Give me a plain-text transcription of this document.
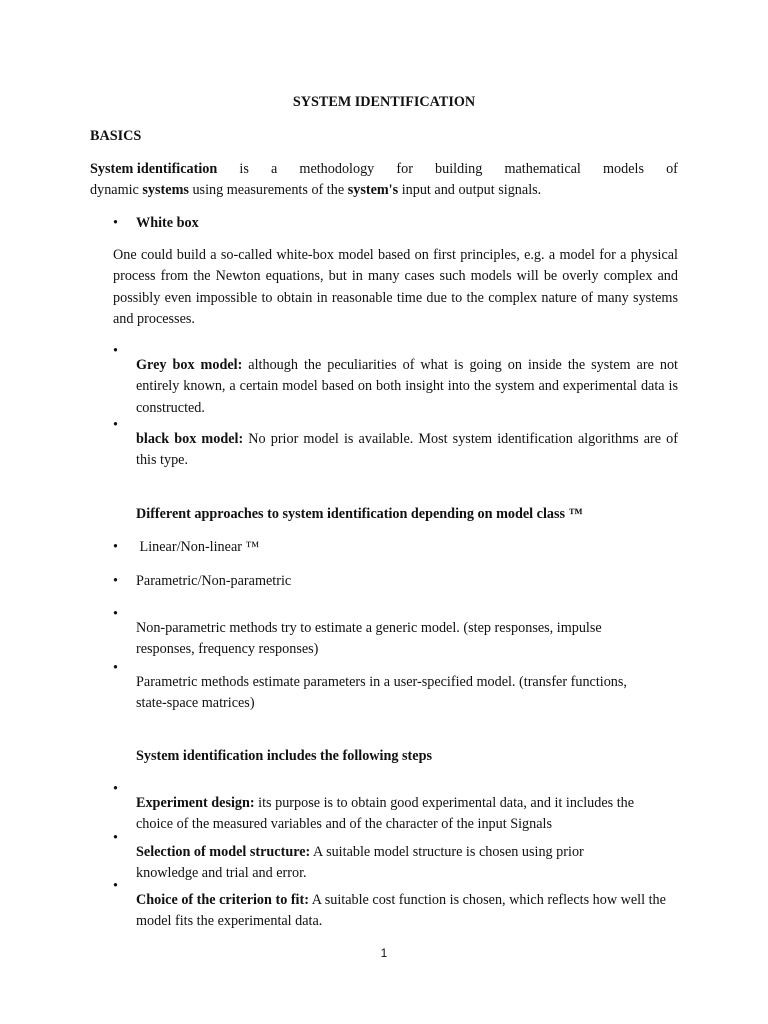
SYSTEM IDENTIFICATION

BASICS

System identification is a methodology for building mathematical models of
dynamic systems using measurements of the system's input and output signals.
•	White box

One could build a so-called white-box model based on first principles, e.g. a model for a physical process from the Newton equations, but in many cases such models will be overly complex and possibly even impossible to obtain in reasonable time due to the complex nature of many systems and processes.

•

Grey box model: although the peculiarities of what is going on inside the system are not entirely known, a certain model based on both insight into the system and experimental data is constructed.

•

black box model: No prior model is available. Most system identification algorithms are of this type.

Different approaches to system identification depending on model class ™

•	Linear/Non-linear ™
•	Parametric/Non-parametric
•

Non-parametric methods try to estimate a generic model. (step responses, impulse responses, frequency responses)

•

Parametric methods estimate parameters in a user-specified model. (transfer functions, state-space matrices)

System identification includes the following steps

•

Experiment design: its purpose is to obtain good experimental data, and it includes the choice of the measured variables and of the character of the input Signals

•

Selection of model structure: A suitable model structure is chosen using prior knowledge and trial and error.

•

Choice of the criterion to fit: A suitable cost function is chosen, which reflects how well the model fits the experimental data.

1
